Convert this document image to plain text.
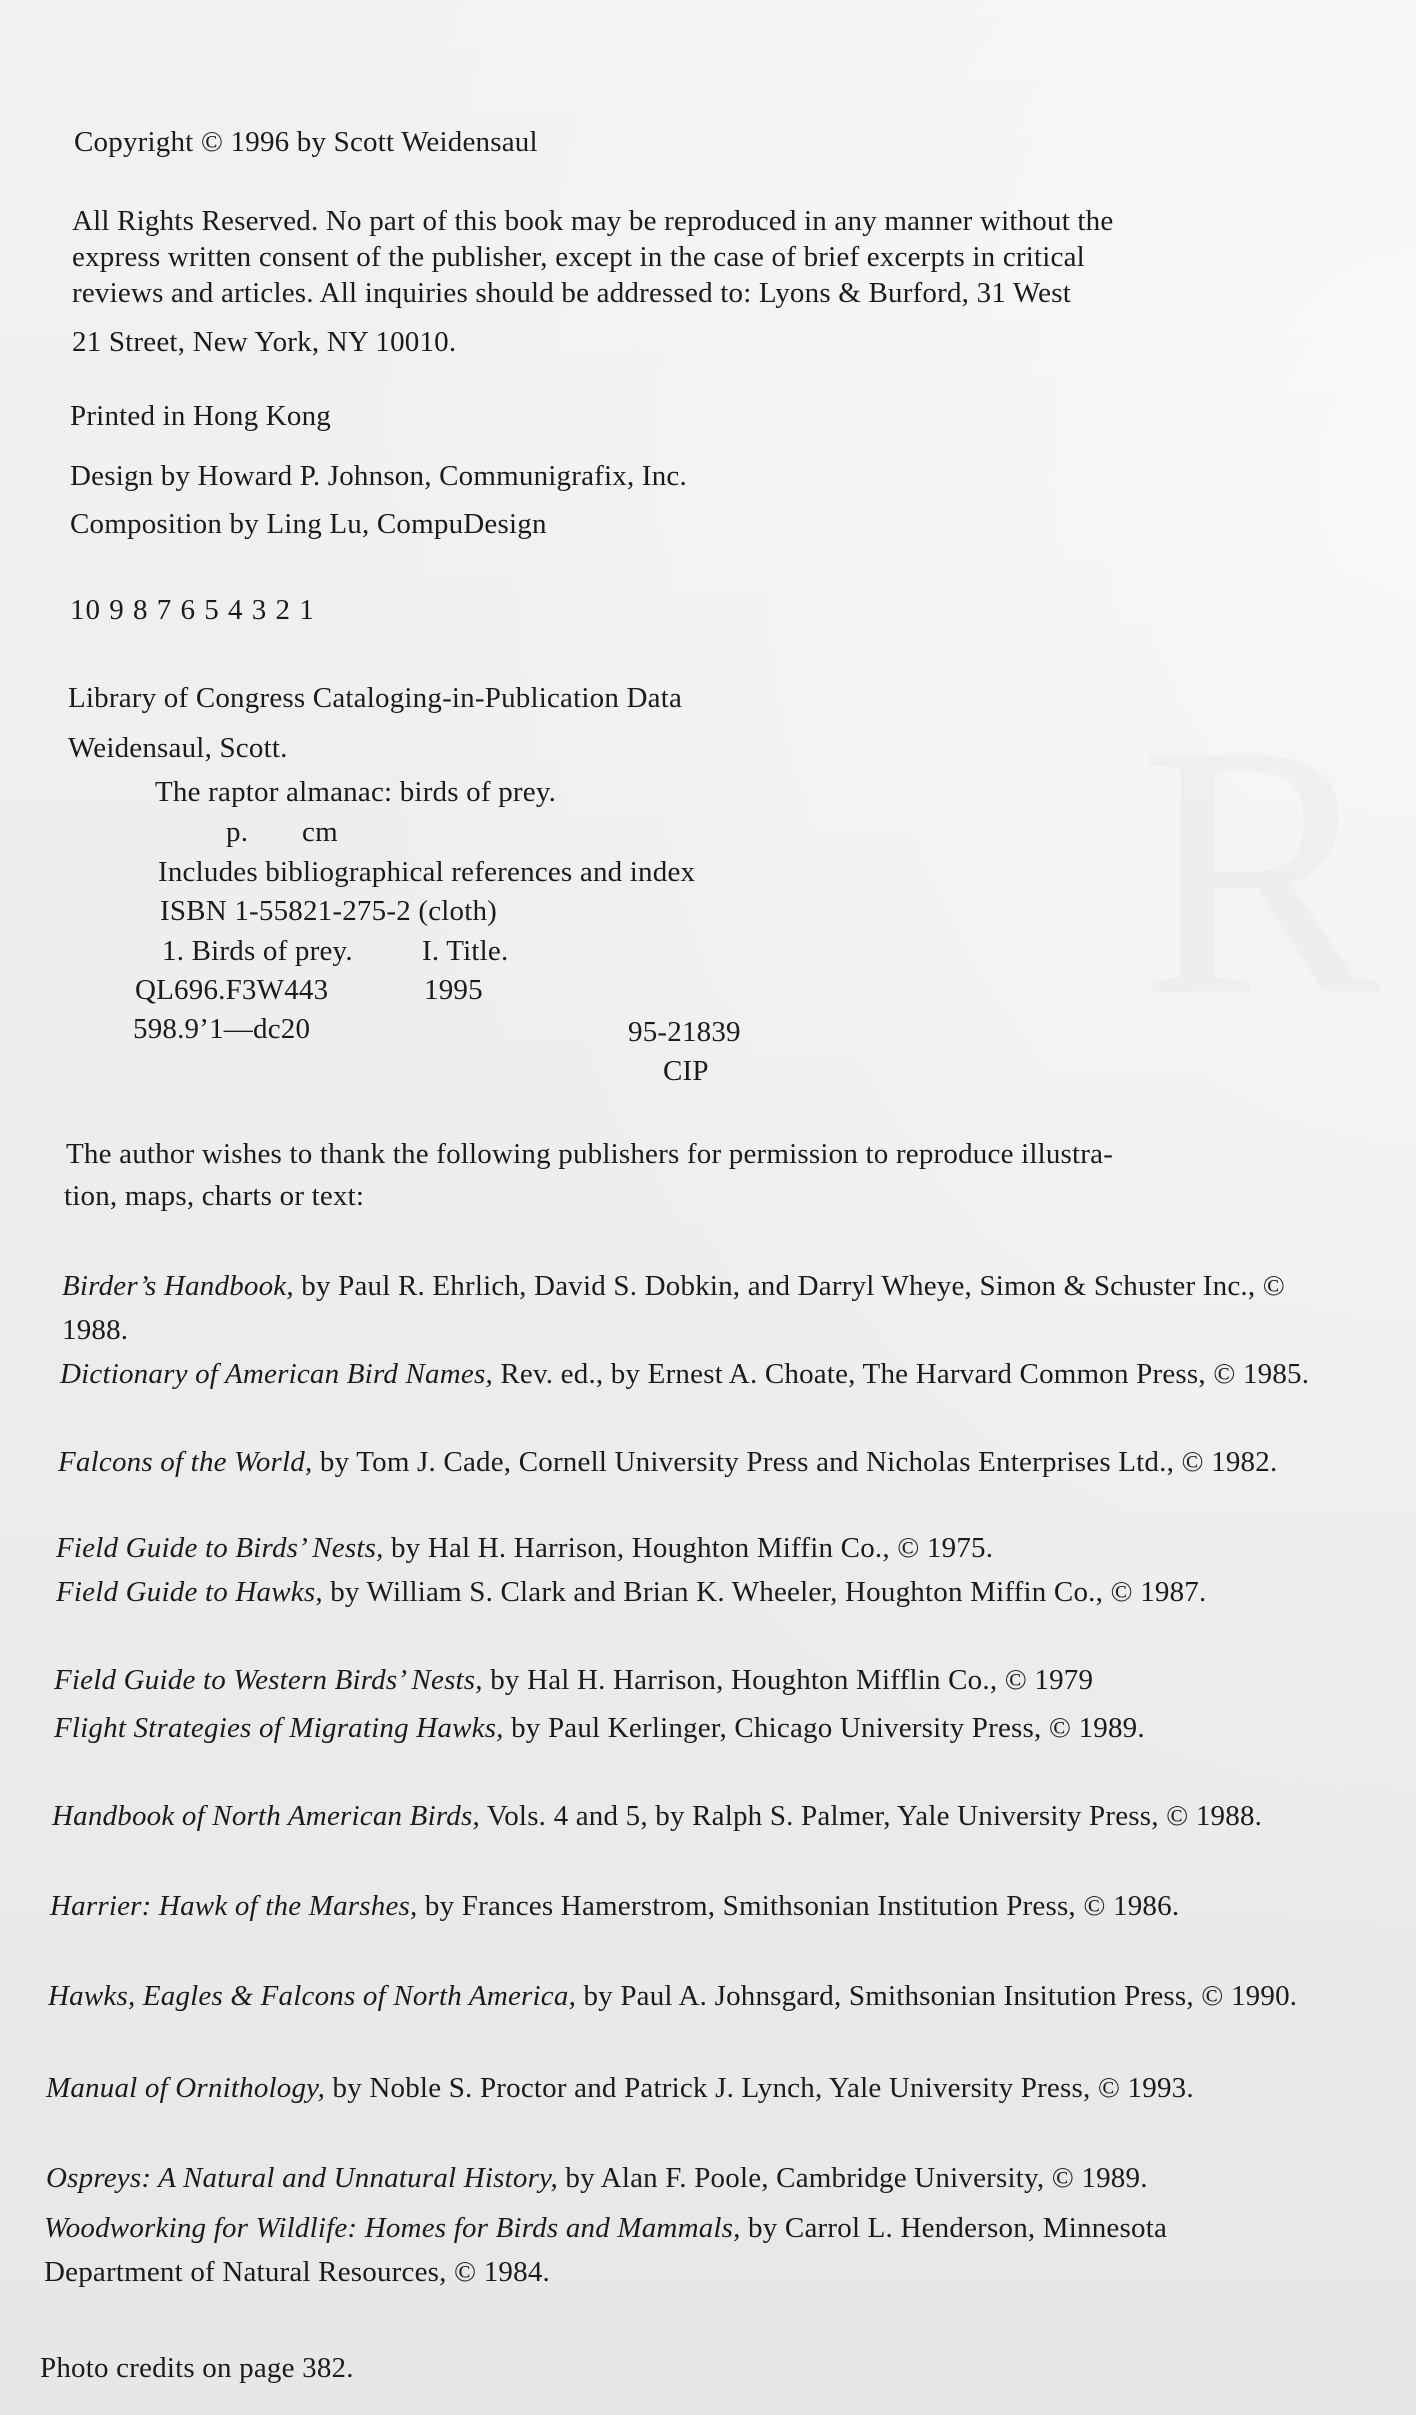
Copyright © 1996 by Scott Weidensaul
All Rights Reserved. No part of this book may be reproduced in any manner without the
express written consent of the publisher, except in the case of brief excerpts in critical
reviews and articles. All inquiries should be addressed to: Lyons & Burford, 31 West
21 Street, New York, NY 10010.
Printed in Hong Kong
Design by Howard P. Johnson, Communigrafix, Inc.
Composition by Ling Lu, CompuDesign
10 9 8 7 6 5 4 3 2 1
Library of Congress Cataloging-in-Publication Data
Weidensaul, Scott.
The raptor almanac: birds of prey.
p. cm
Includes bibliographical references and index
ISBN 1-55821-275-2 (cloth)
1. Birds of prey. I. Title.
QL696.F3W443	1995
598.9’1—dc20	95-21839
CIP
The author wishes to thank the following publishers for permission to reproduce illustra-
tion, maps, charts or text:
Birder’s Handbook, by Paul R. Ehrlich, David S. Dobkin, and Darryl Wheye, Simon & Schuster Inc., © 1988.
Dictionary of American Bird Names, Rev. ed., by Ernest A. Choate, The Harvard Common Press, © 1985.
Falcons of the World, by Tom J. Cade, Cornell University Press and Nicholas Enterprises Ltd., © 1982.
Field Guide to Birds’ Nests, by Hal H. Harrison, Houghton Miffin Co., © 1975.
Field Guide to Hawks, by William S. Clark and Brian K. Wheeler, Houghton Miffin Co., © 1987.
Field Guide to Western Birds’ Nests, by Hal H. Harrison, Houghton Mifflin Co., © 1979
Flight Strategies of Migrating Hawks, by Paul Kerlinger, Chicago University Press, © 1989.
Handbook of North American Birds, Vols. 4 and 5, by Ralph S. Palmer, Yale University Press, © 1988.
Harrier: Hawk of the Marshes, by Frances Hamerstrom, Smithsonian Institution Press, © 1986.
Hawks, Eagles & Falcons of North America, by Paul A. Johnsgard, Smithsonian Insitution Press, © 1990.
Manual of Ornithology, by Noble S. Proctor and Patrick J. Lynch, Yale University Press, © 1993.
Ospreys: A Natural and Unnatural History, by Alan F. Poole, Cambridge University, © 1989.
Woodworking for Wildlife: Homes for Birds and Mammals, by Carrol L. Henderson, Minnesota Department of Natural Resources, © 1984.
Photo credits on page 382.
